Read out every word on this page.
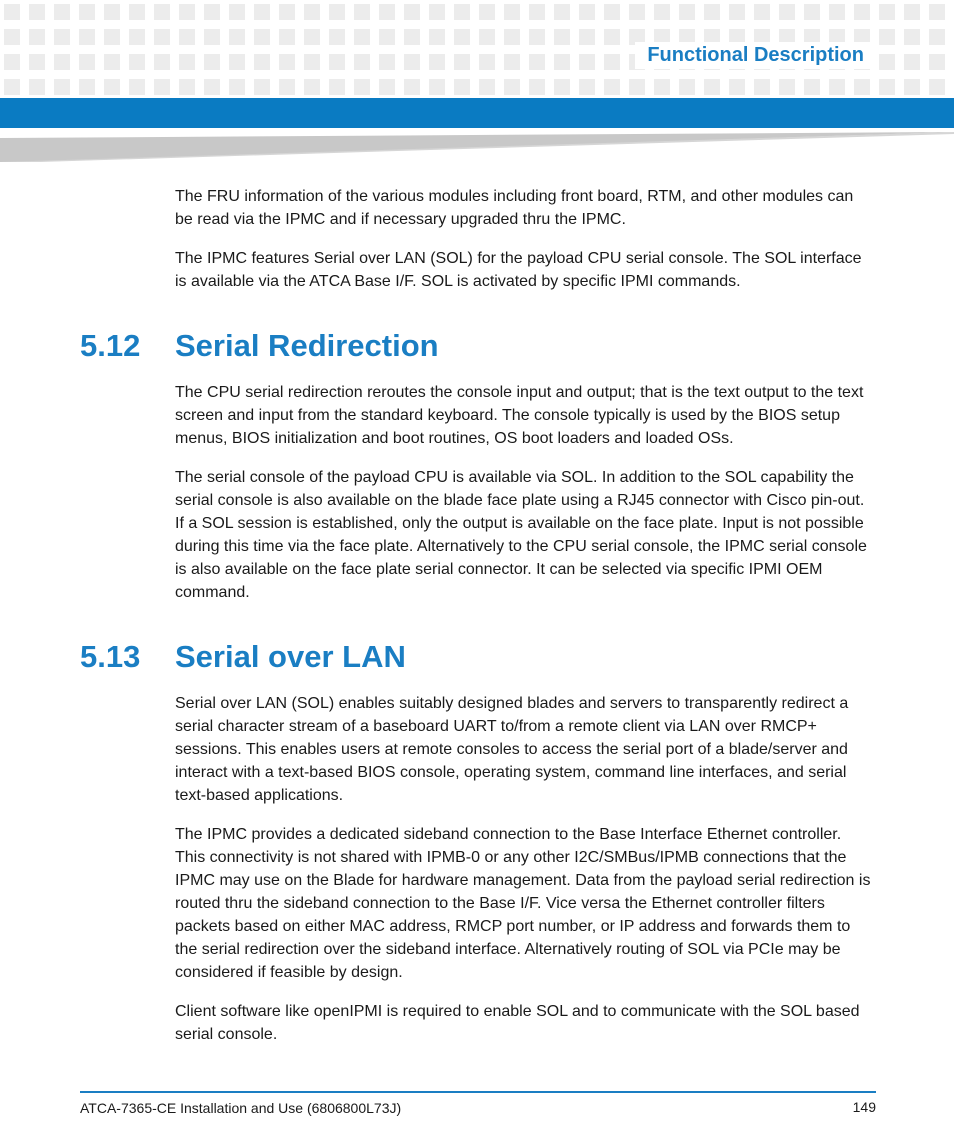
Functional Description

The FRU information of the various modules including front board, RTM, and other modules can be read via the IPMC and if necessary upgraded thru the IPMC.

The IPMC features Serial over LAN (SOL) for the payload CPU serial console. The SOL interface is available via the ATCA Base I/F. SOL is activated by specific IPMI commands.

5.12 Serial Redirection

The CPU serial redirection reroutes the console input and output; that is the text output to the text screen and input from the standard keyboard. The console typically is used by the BIOS setup menus, BIOS initialization and boot routines, OS boot loaders and loaded OSs.

The serial console of the payload CPU is available via SOL. In addition to the SOL capability the serial console is also available on the blade face plate using a RJ45 connector with Cisco pin-out. If a SOL session is established, only the output is available on the face plate. Input is not possible during this time via the face plate. Alternatively to the CPU serial console, the IPMC serial console is also available on the face plate serial connector. It can be selected via specific IPMI OEM command.

5.13 Serial over LAN

Serial over LAN (SOL) enables suitably designed blades and servers to transparently redirect a serial character stream of a baseboard UART to/from a remote client via LAN over RMCP+ sessions. This enables users at remote consoles to access the serial port of a blade/server and interact with a text-based BIOS console, operating system, command line interfaces, and serial text-based applications.

The IPMC provides a dedicated sideband connection to the Base Interface Ethernet controller. This connectivity is not shared with IPMB-0 or any other I2C/SMBus/IPMB connections that the IPMC may use on the Blade for hardware management. Data from the payload serial redirection is routed thru the sideband connection to the Base I/F. Vice versa the Ethernet controller filters packets based on either MAC address, RMCP port number, or IP address and forwards them to the serial redirection over the sideband interface. Alternatively routing of SOL via PCIe may be considered if feasible by design.

Client software like openIPMI is required to enable SOL and to communicate with the SOL based serial console.

ATCA-7365-CE Installation and Use (6806800L73J)	149
